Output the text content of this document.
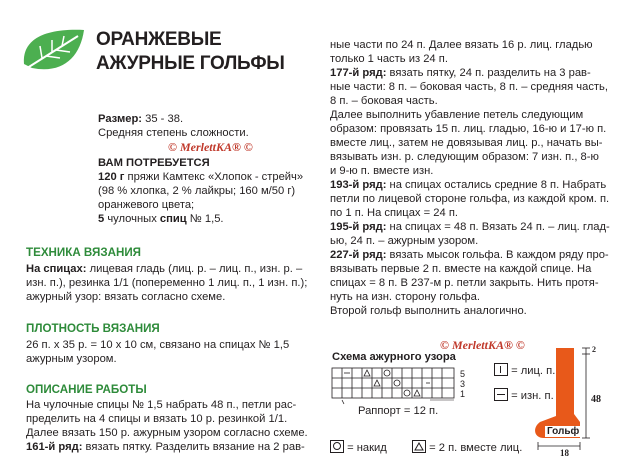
ОРАНЖЕВЫЕ
АЖУРНЫЕ ГОЛЬФЫ
Размер: 35 - 38.
Средняя степень сложности.
© MerlettKA® ©
ВАМ ПОТРЕБУЕТСЯ
120 г пряжи Камтекс «Хлопок - стрейч»
(98 % хлопка, 2 % лайкры; 160 м/50 г)
оранжевого цвета;
5 чулочных спиц № 1,5.
ТЕХНИКА ВЯЗАНИЯ
На спицах: лицевая гладь (лиц. р. – лиц. п., изн. р. –
изн. п.), резинка 1/1 (попеременно 1 лиц. п., 1 изн. п.);
ажурный узор: вязать согласно схеме.
ПЛОТНОСТЬ ВЯЗАНИЯ
26 п. х 35 р. = 10 х 10 см, связано на спицах № 1,5
ажурным узором.
ОПИСАНИЕ РАБОТЫ
На чулочные спицы № 1,5 набрать 48 п., петли рас-
пределить на 4 спицы и вязать 10 р. резинкой 1/1.
Далее вязать 150 р. ажурным узором согласно схеме.
161-й ряд: вязать пятку. Разделить вязание на 2 рав-
ные части по 24 п. Далее вязать 16 р. лиц. гладью
только 1 часть из 24 п.
177-й ряд: вязать пятку, 24 п. разделить на 3 рав-
ные части: 8 п. – боковая часть, 8 п. – средняя часть,
8 п. – боковая часть.
Далее выполнить убавление петель следующим
образом: провязать 15 п. лиц. гладью, 16-ю и 17-ю п.
вместе лиц., затем не довязывая лиц. р., начать вы-
вязывать изн. р. следующим образом: 7 изн. п., 8-ю
и 9-ю п. вместе изн.
193-й ряд: на спицах остались средние 8 п. Набрать
петли по лицевой стороне гольфа, из каждой кром. п.
по 1 п. На спицах = 24 п.
195-й ряд: на спицах = 48 п. Вязать 24 п. – лиц. глад-
ью, 24 п. – ажурным узором.
227-й ряд: вязать мысок гольфа. В каждом ряду про-
вязывать первые 2 п. вместе на каждой спице. На
спицах = 8 п. В 237-м р. петли закрыть. Нить протя-
нуть на изн. сторону гольфа.
Второй гольф выполнить аналогично.
Схема ажурного узора
© MerlettKA® ©
5
3
1
Раппорт = 12 п.
= лиц. п.
= изн. п.
= накид	= 2 п. вместе лиц.
Гольф
2
48
18
